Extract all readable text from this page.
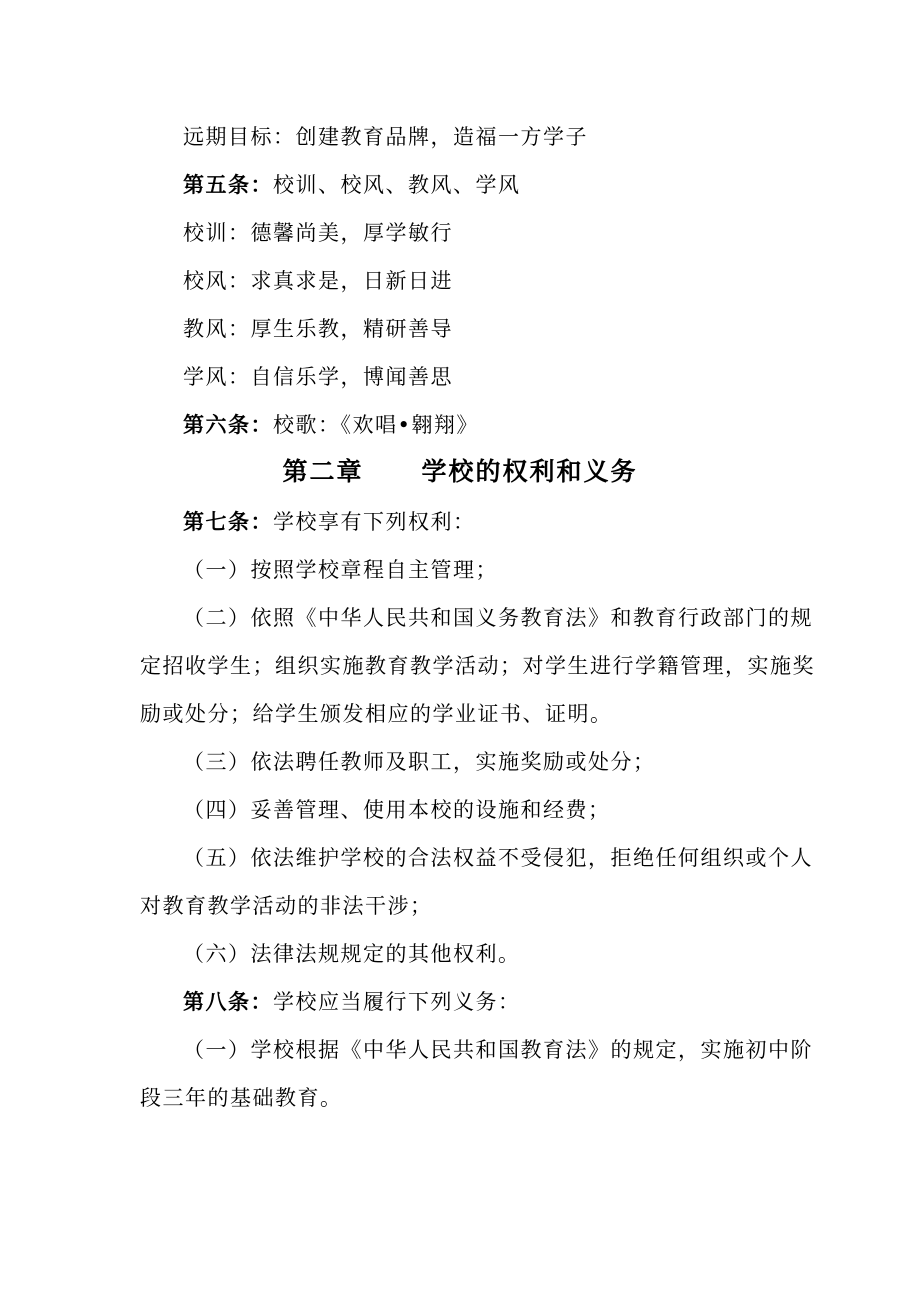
远期目标：创建教育品牌，造福一方学子
第五条：校训、校风、教风、学风
校训：德馨尚美，厚学敏行
校风：求真求是，日新日进
教风：厚生乐教，精研善导
学风：自信乐学，博闻善思
第六条：校歌：《欢唱•翱翔》
第二章 学校的权利和义务
第七条：学校享有下列权利：
（一）按照学校章程自主管理；
（二）依照《中华人民共和国义务教育法》和教育行政部门的规
定招收学生；组织实施教育教学活动；对学生进行学籍管理，实施奖
励或处分；给学生颁发相应的学业证书、证明。
（三）依法聘任教师及职工，实施奖励或处分；
（四）妥善管理、使用本校的设施和经费；
（五）依法维护学校的合法权益不受侵犯，拒绝任何组织或个人
对教育教学活动的非法干涉；
（六）法律法规规定的其他权利。
第八条：学校应当履行下列义务：
（一）学校根据《中华人民共和国教育法》的规定，实施初中阶
段三年的基础教育。
